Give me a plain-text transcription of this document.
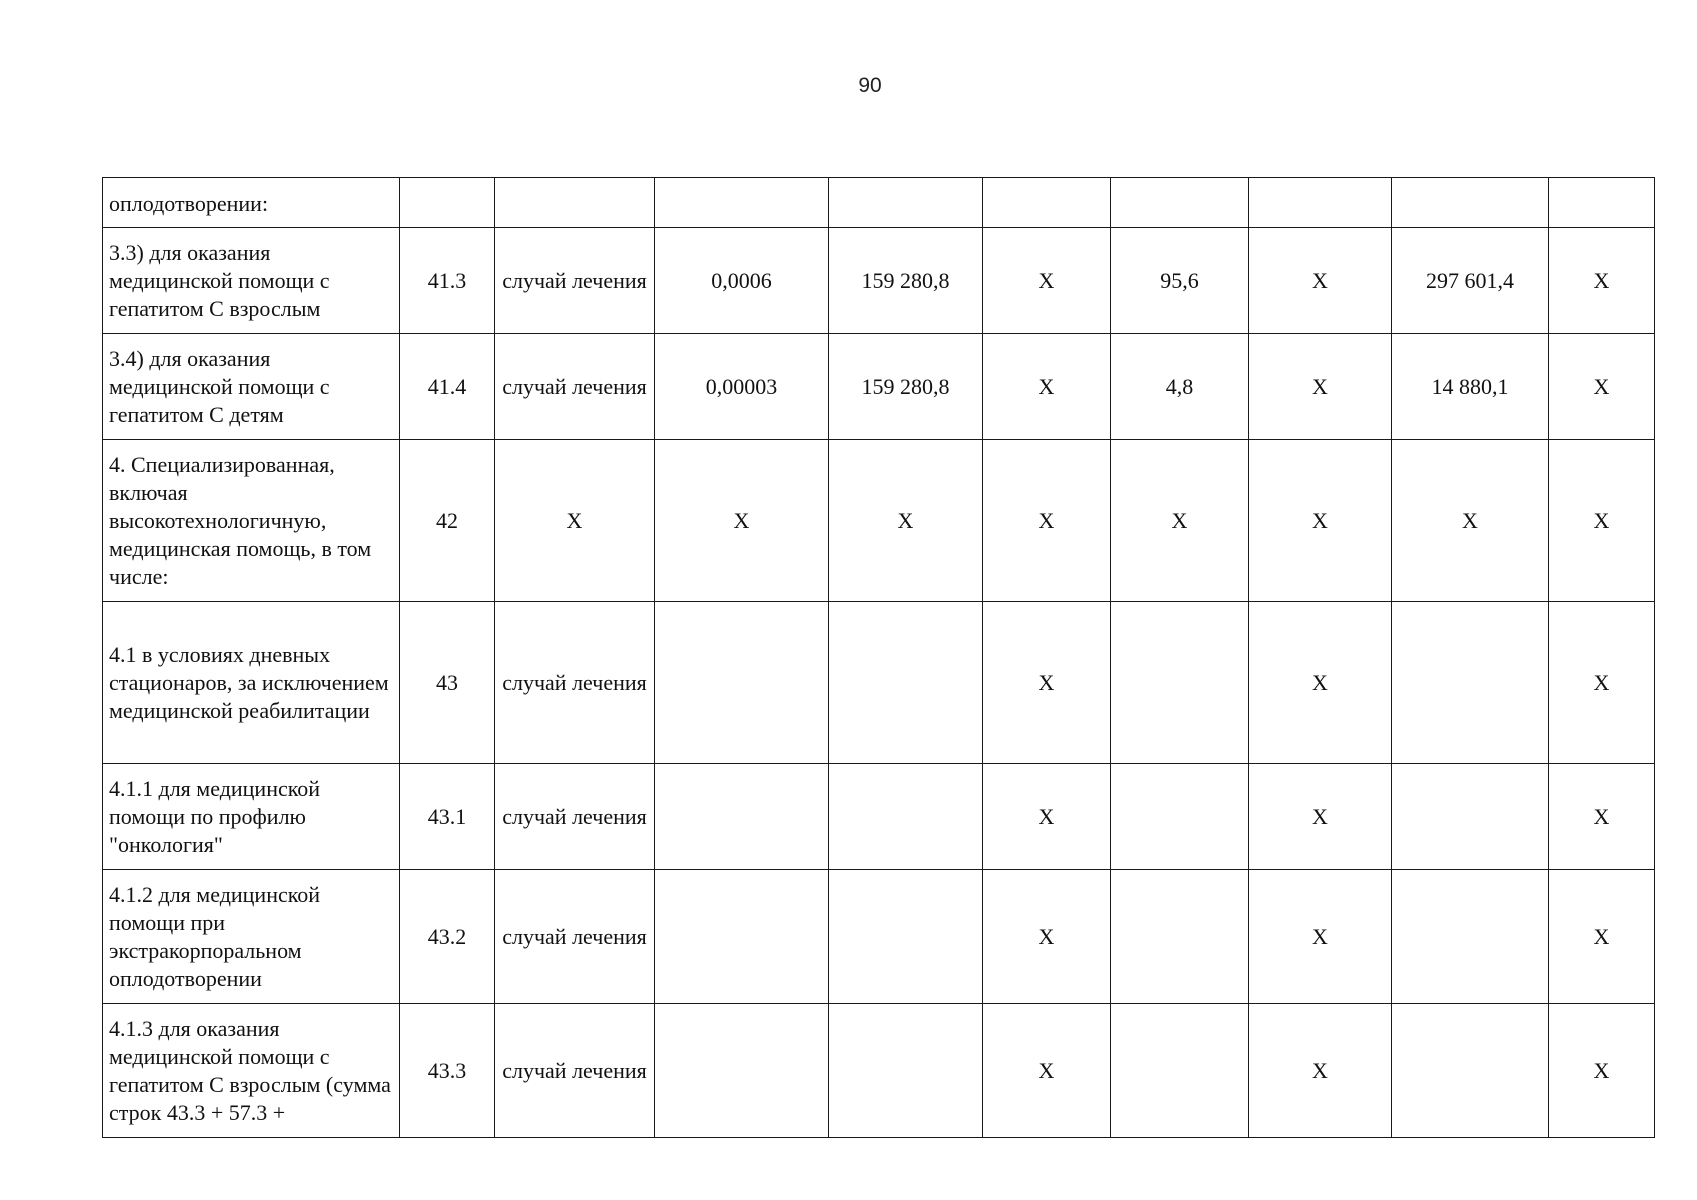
90
оплодотворении:									
3.3) для оказания медицинской помощи с гепатитом С взрослым	41.3	случай лечения	0,0006	159 280,8	X	95,6	X	297 601,4	X
3.4) для оказания медицинской помощи с гепатитом С детям	41.4	случай лечения	0,00003	159 280,8	X	4,8	X	14 880,1	X
4. Специализированная, включая высокотехнологичную, медицинская помощь, в том числе:	42	X	X	X	X	X	X	X	X
4.1 в условиях дневных стационаров, за исключением медицинской реабилитации	43	случай лечения			X		X		X
4.1.1 для медицинской помощи по профилю "онкология"	43.1	случай лечения			X		X		X
4.1.2 для медицинской помощи при экстракорпоральном оплодотворении	43.2	случай лечения			X		X		X
4.1.3 для оказания медицинской помощи с гепатитом С взрослым (сумма строк 43.3 + 57.3 +	43.3	случай лечения			X		X		X
